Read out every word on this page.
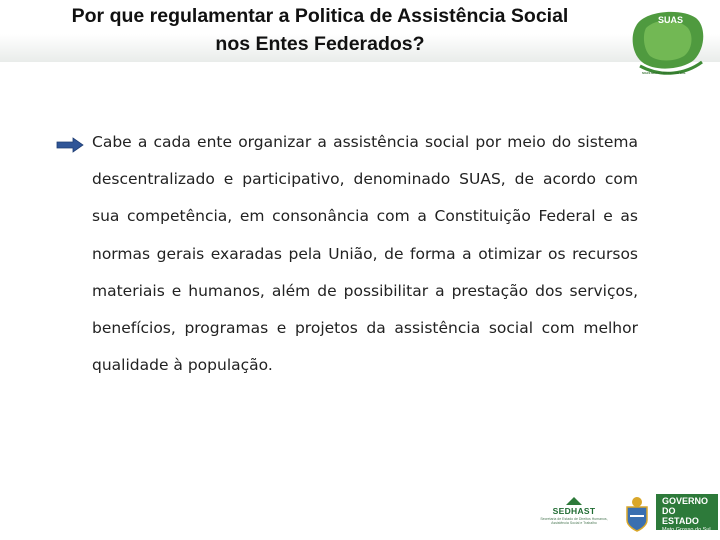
Por que regulamentar a Politica de Assistência Social
nos Entes Federados?
SUAS
SUAS MATO GROSSO DO SUL

Cabe a cada ente organizar a assistência social por meio do sistema descentralizado e participativo, denominado SUAS, de acordo com sua competência, em consonância com a Constituição Federal e as normas gerais exaradas pela União, de forma a otimizar os recursos materiais e humanos, além de possibilitar a prestação dos serviços, benefícios, programas e projetos da assistência social com melhor qualidade à população.

SEDHAST
Secretaria de Estado de Direitos Humanos, Assistência Social e Trabalho
GOVERNO
DO ESTADO
Mato Grosso do Sul
